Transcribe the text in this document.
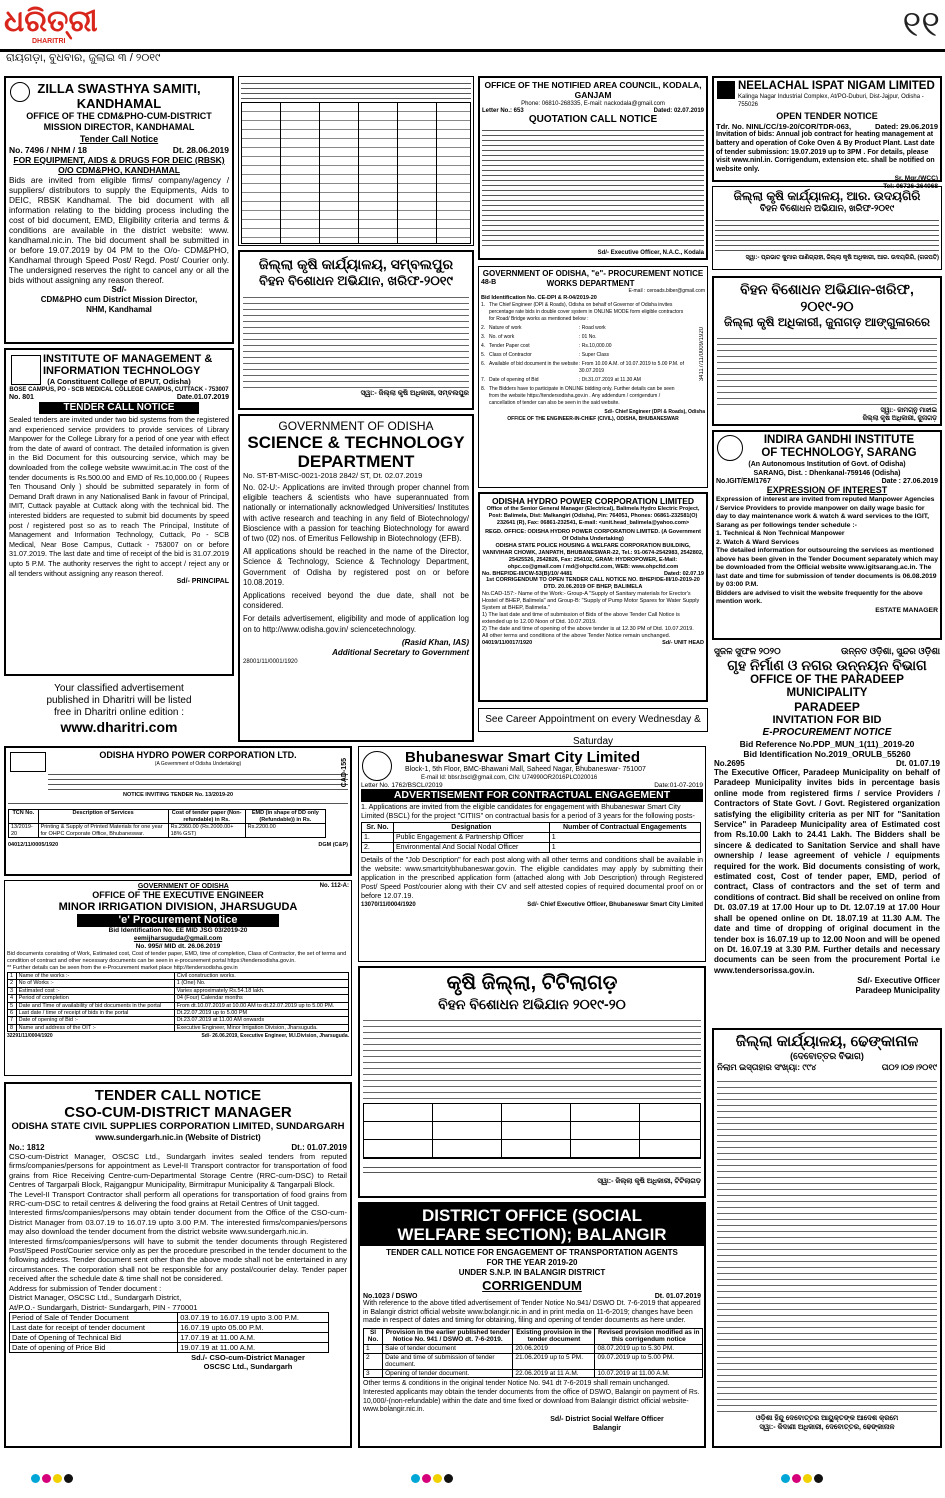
ଧରିତ୍ରୀ
DHARITRI
ରାୟଗଡ଼ା, ବୁଧବାର, ଜୁଲାଇ ୩ / ୨୦୧୯
୧୧

ZILLA SWASTHYA SAMITI,

KANDHAMAL

OFFICE OF THE CDM&PHO-CUM-DISTRICT

MISSION DIRECTOR, KANDHAMAL

Tender Call Notice

No. 7496 / NHM / 18	Dt. 28.06.2019

FOR EQUIPMENT, AIDS & DRUGS FOR DEIC (RBSK) O/O CDM&PHO, KANDHAMAL

Bids are invited from eligible firms/ company/agency / suppliers/ distributors to supply the Equipments, Aids to DEIC, RBSK Kandhamal. The bid document with all information relating to the bidding process including the cost of bid document, EMD, Eligibility criteria and terms & conditions are available in the district website: www. kandhamal.nic.in. The bid document shall be submitted in or before 19.07.2019 by 04 PM to the O/o- CDM&PHO, Kandhamal through Speed Post/ Regd. Post/ Courier only. The undersigned reserves the right to cancel any or all the bids without assigning any reason thereof.

Sd/-

CDM&PHO cum District Mission Director,

NHM, Kandhamal

INSTITUTE OF MANAGEMENT &

INFORMATION TECHNOLOGY

(A Constituent College of BPUT, Odisha)

BOSE CAMPUS, PO - SCB MEDICAL COLLEGE CAMPUS, CUTTACK - 753007

No. 801	Date.01.07.2019

TENDER CALL NOTICE

Sealed tenders are invited under two bid systems from the registered and experienced service providers to provide services of Library Manpower for the College Library for a period of one year with effect from the date of award of contract. The detailed information is given in the Bid Document for this outsourcing service, which may be downloaded from the college website www.imit.ac.in The cost of the tender documents is Rs.500.00 and EMD of Rs.10,000.00 ( Rupees Ten Thousand Only ) should be submitted separately in form of Demand Draft drawn in any Nationalised Bank in favour of Principal, IMIT, Cuttack payable at Cuttack along with the technical bid. The interested bidders are requested to submit bid documents by speed post / registered post so as to reach The Principal, Institute of Management and Information Technology, Cuttack, Po - SCB Medical, Near Bose Campus, Cuttack - 753007 on or before 31.07.2019. The last date and time of receipt of the bid is 31.07.2019 upto 5 P.M. The authority reserves the right to accept / reject any or all tenders without assigning any reason thereof.

Sd/- PRINCIPAL

Your classified advertisement

published in Dharitri will be listed

free in Dharitri online edition :

www.dharitri.com

ଜିଲ୍ଲା କୃଷି କାର୍ଯ୍ୟାଳୟ, ସମ୍ବଲପୁର

ବିହନ ବିଶୋଧନ ଅଭିଯାନ, ଖରିଫ-୨୦୧୯

ସ୍ୱା:- ଜିଲ୍ଲା କୃଷି ଅଧିକାରୀ, ସମ୍ବଲପୁର

GOVERNMENT OF ODISHA

SCIENCE & TECHNOLOGY

DEPARTMENT

No. ST-BT-MISC-0021-2018 2842/ ST, Dt. 02.07.2019

No. 02-U:- Applications are invited through proper channel from eligible teachers & scientists who have superannuated from nationally or internationally acknowledged Universities/ Institutes with active research and teaching in any field of Biotechnology/ Bioscience with a passion for teaching Biotechnology for award of two (02) nos. of Emeritus Fellowship in Biotechnology (EFB).

All applications should be reached in the name of the Director, Science & Technology, Science & Technology Department, Government of Odisha by registered post on or before 10.08.2019.

Applications received beyond the due date, shall not be considered.

For details advertisement, eligibility and mode of application log on to http://www.odisha.gov.in/ sciencetechnology.

(Rasid Khan, IAS)

Additional Secretary to Government

28001/11/0001/1920

OFFICE OF THE NOTIFIED AREA COUNCIL, KODALA, GANJAM

Phone: 06810-268335, E-mail: nackodala@gmail.com

Letter No.: 653	Dated: 02.07.2019

QUOTATION CALL NOTICE

Sd/- Executive Officer, N.A.C., Kodala

NEELACHAL ISPAT NIGAM LIMITED

Kalinga Nagar Industrial Complex, At/PO-Duburi, Dist-Jajpur, Odisha - 755026

OPEN TENDER NOTICE

Tdr. No. NINL/CC/19-20/COR/TDR-063,	Dated: 29.06.2019

Invitation of bids: Annual job contract for heating management at battery and operation of Coke Oven & By Product Plant. Last date of tender submission: 19.07.2019 up to 3PM . For details, please visit www.ninl.in. Corrigendum, extension etc. shall be notified on website only.

Sr. Mgr.(WCC)

Tel: 06726-264068

ଜିଲ୍ଲା କୃଷି କାର୍ଯ୍ୟାଳୟ, ଆର. ଉଦୟଗିରି

ବିହନ ବିଶୋଧନ ଅଭିଯାନ, ଖରିଫ-୨୦୧୯

ସ୍ୱା:- ପ୍ରଭାତ କୁମାର ପାଣିଗ୍ରାହୀ, ଜିଲ୍ଲା କୃଷି ଅଧିକାରୀ, ଆର. ଉଦୟଗିରି, (ଗଜପତି)

GOVERNMENT OF ODISHA, "e"- PROCUREMENT NOTICE

48-B	WORKS DEPARTMENT

E-mail : ceroads.biber@gmail.com

Bid Identification No. CE-DPI & R-04/2019-20

1. The Chief Engineer (DPI & Roads), Odisha on behalf of Governor of Odisha invites percentage rate bids in double cover system in ONLINE MODE form eligible contractors for Road/ Bridge works as mentioned below :
2. Nature of work	: Road work
3. No. of work	: 01 No.
4. Tender Paper cost	: Rs.10,000.00
5. Class of Contractor	: Super Class
6. Available of bid document in the website : From 10.00 A.M. of 10.07.2019 to 5.00 P.M. of 30.07.2019
7. Date of opening of Bid	: Dt.31.07.2019 at 11.30 AM
8. The Bidders have to participate in ONLINE bidding only. Further details can be seen from the website https://tendersodisha.gov.in . Any addendum / corrigendum / cancellation of tender can also be seen in the said website.

Sd/- Chief Engineer (DPI & Roads), Odisha

OFFICE OF THE ENGINEER-IN-CHIEF (CIVIL), ODISHA, BHUBANESWAR

34117/11/0009/1920

ବିହନ ବିଶୋଧନ ଅଭିଯାନ-ଖରିଫ, ୨୦୧୯-୨୦

ଜିଲ୍ଲା କୃଷି ଅଧିକାରୀ, ଜୁନାଗଡ଼ ଆଙ୍ଗୁଳାରରେ

ସ୍ୱା:- ଜାମଗ୍ନୁ ମାଝୀଇ

ଜିଲ୍ଲା କୃଷି ଅଧିକାରୀ, ଜୁନାଗଡ଼

ODISHA HYDRO POWER CORPORATION LIMITED

Office of the Senior General Manager (Electrical), Balimela Hydro Electric Project, Post: Balimela, Dist: Malkangiri (Odisha), Pin: 764051, Phones: 06861-232581(O) 232641 (R), Fax: 06861-232541, E-mail: <unit.head_balimela@yahoo.com>

REGD. OFFICE: ODISHA HYDRO POWER CORPORATION LIMITED. (A Government Of Odisha Undertaking)

ODISHA STATE POLICE HOUSING & WELFARE CORPORATION BUILDING, VANIVIHAR CHOWK, JANPATH, BHUBANESWAR-22, Tel.: 91-0674-2542983, 2542802, 25425526, 2542826, Fax: 254102, GRAM: HYDROPOWER, E-Mail: ohpc.co@gmail.com / md@ohpcltd.com, WEB: www.ohpcltd.com

No. BHEP/DE-III/CW-53(B)/10/ 4481	Dated: 02.07.19

1st CORRIGENDUM TO OPEN TENDER CALL NOTICE NO. BHEP/DE-III/10-2019-20 DTD. 20.06.2019 OF BHEP, BALIMELA

No.CAD-157:- Name of the Work:- Group-A "Supply of Sanitary materials for Erector's Hostel of BHEP, Balimela" and Group-B: "Supply of Pump Motor Spares for Water Supply System at BHEP, Balimela."

1) The last date and time of submission of Bids of the above Tender Call Notice is extended up to 12.00 Noon of Dtd. 10.07.2019.

2) The date and time of opening of the above tender is at 12.30 PM of Dtd. 10.07.2019.

All other terms and conditions of the above Tender Notice remain unchanged.

04019/11/0017/1920	Sd/- UNIT HEAD
See Career Appointment on every Wednesday & Saturday

INDIRA GANDHI INSTITUTE

OF TECHNOLOGY, SARANG

(An Autonomous Institution of Govt. of Odisha)

SARANG, Dist. : Dhenkanal-759146 (Odisha)

No.IGIT/EM/1767	Date : 27.06.2019

EXPRESSION OF INTEREST

Expression of interest are invited from reputed Manpower Agencies / Service Providers to provide manpower on daily wage basic for day to day maintenance work & watch & ward services to the IGIT, Sarang as per followings tender schedule :-

1. Technical & Non Technical Manpower

2. Watch & Ward Services

The detailed information for outsourcing the services as mentioned above has been given in the Tender Document separately which may be downloaded from the Official website www.igitsarang.ac.in. The last date and time for submission of tender documents is 06.08.2019 by 03:00 P.M.

Bidders are advised to visit the website frequently for the above mention work.

ESTATE MANAGER

ସୁଜଳ ସୁଫଳ ୨୦୨୦	ଉନ୍ନତ ଓଡ଼ିଶା, ସୁନ୍ଦର ଓଡ଼ିଶା

ଗୃହ ନିର୍ମାଣ ଓ ନଗର ଉନ୍ନୟନ ବିଭାଗ

OFFICE OF THE PARADEEP MUNICIPALITY

PARADEEP

INVITATION FOR BID

E-PROCUREMENT NOTICE

Bid Reference No.PDP_MUN_1(11)_2019-20

Bid Identification No.2019_ORULB_55260

No.2695	Dt. 01.07.19

The Executive Officer, Paradeep Municipality on behalf of Paradeep Municipality invites bids in percentage basis online mode from registered firms / service Providers / Contractors of State Govt. / Govt. Registered organization satisfying the eligibility criteria as per NIT for "Sanitation Service" in Paradeep Municipality area of Estimated cost from Rs.10.00 Lakh to 24.41 Lakh. The Bidders shall be sincere & dedicated to Sanitation Service and shall have ownership / lease agreement of vehicle / equipments required for the work. Bid documents consisting of work, estimated cost, Cost of tender paper, EMD, period of contract, Class of contractors and the set of term and conditions of contract. Bid shall be received on online from Dt. 03.07.19 at 17.00 Hour up to Dt. 12.07.19 at 17.00 Hour shall be opened online on Dt. 18.07.19 at 11.30 A.M. The date and time of dropping of original document in the tender box is 16.07.19 up to 12.00 Noon and will be opened on Dt. 16.07.19 at 3.30 P.M. Further details and necessary documents can be seen from the procurement Portal i.e www.tendersorissa.gov.in.

Sd/- Executive Officer

Paradeep Municipality

ODISHA HYDRO POWER CORPORATION LTD.

(A Government of Odisha Undertaking)

NOTICE INVITING TENDER No. 13/2019-20

TCN No.	Description of Services	Cost of tender paper (Non-refundable) in Rs.	EMD (in shape of DD only (Refundable)) in Rs.
13/2019-20	Printing & Supply of Printed Materials for one year for OHPC Corporate Office, Bhubaneswar.	Rs.2360.00 (Rs.2000.00+ 18% GST)	Rs.2200.00
04012/11/0005/1920	DGM (C&P)
CAD-155
GOVERNMENT OF ODISHA	No. 112-A:

OFFICE OF THE EXECUTIVE ENGINEER

MINOR IRRIGATION DIVISION, JHARSUGUDA

'e' Procurement Notice

Bid Identification No. EE MID JSG 03/2019-20

eemijharsuguda@gmail.com

No. 995// MID dt. 26.06.2019

Bid documents consisting of Work, Estimated cost, Cost of tender paper, EMD, time of completion, Class of Contractor, the set of terms and condition of contract and other necessary documents can be seen in e-procurement portal https://tendersodisha.gov.in.

** Further details can be seen from the e-Procurement market place http://tendersodisha.gov.in

1	Name of the works :-	Civil construction works.
2	No of Works :-	1 (One) No.
3	Estimated cost :-	Varies approximately Rs.54.18 lakh.
4	Period of completion	04 (Four) Calendar months
5	Date and Time of availability of bid documents in the portal	From dt.10.07.2019 at 10.00 AM to dt.22.07.2019 up to 5.00 PM.
6	Last date / time of receipt of bids in the portal	Dt.22.07.2019 up to 5.00 PM
7	Date of opening of Bid :-	Dt.23.07.2019 at 11.00 AM onwards
8	Name and address of the OIT :-	Executive Engineer, Minor Irrigation Division, Jharsuguda.
32291/11/0004/1920	Sd/- 26.06.2019, Executive Engineer, M.I.Division, Jharsuguda.

TENDER CALL NOTICE

CSO-CUM-DISTRICT MANAGER

ODISHA STATE CIVIL SUPPLIES CORPORATION LIMITED, SUNDARGARH

www.sundergarh.nic.in (Website of District)

No.: 1812	Dt.: 01.07.2019

CSO-cum-District Manager, OSCSC Ltd., Sundargarh invites sealed tenders from reputed firms/companies/persons for appointment as Level-II Transport contractor for transportation of food grains from Rice Receiving Centre-cum-Departmental Storage Centre (RRC-cum-DSC) to Retail Centres of Targarpali Block, Rajgangpur Municipality, Birmitrapur Municipality & Tangarpali Block.
The Level-II Transport Contractor shall perform all operations for transportation of food grains from RRC-cum-DSC to retail centres & delivering the food grains at Retail Centres of Unit tagged.
Interested firms/companies/persons may obtain tender document from the Office of the CSO-cum-District Manager from 03.07.19 to 16.07.19 upto 3.00 P.M. The interested firms/companies/persons may also download the tender document from the district website www.sundergarh.nic.in.
Interested firms/companies/persons will have to submit the tender documents through Registered Post/Speed Post/Courier service only as per the procedure prescribed in the tender document to the following address. Tender document sent other than the above mode shall not be entertained in any circumstances. The corporation shall not be responsible for any postal/courier delay. Tender paper received after the schedule date & time shall not be considered.

Address for submission of Tender document :

District Manager, OSCSC Ltd., Sundargarh District,

At/P.O.- Sundargarh, District- Sundargarh, PIN - 770001

Period of Sale of Tender Document	03.07.19 to 16.07.19 upto 3.00 P.M.
Last date for receipt of tender document	16.07.19 upto 05.00 P.M.
Date of Opening of Technical Bid	17.07.19 at 11.00 A.M.
Date of opening of Price Bid	19.07.19 at 11.00 A.M.

Sd./- CSO-cum-District Manager

OSCSC Ltd., Sundargarh

Bhubaneswar Smart City Limited

Block-1, 5th Floor, BMC-Bhawani Mall, Saheed Nagar, Bhubaneswar- 751007

E-mail Id: bbsr.bscl@gmail.com, CIN: U74990OR2016PLC020016

Letter No. 1762/BSCL//2019	Date:01-07-2019

ADVERTISEMENT FOR CONTRACTUAL ENGAGEMENT

1. Applications are invited from the eligible candidates for engagement with Bhubaneswar Smart City Limited (BSCL) for the project "CITIIS" on contractual basis for a period of 3 years for the following posts-

Sr. No.	Designation	Number of Contractual Engagements
1.	Public Engagement & Partnership Officer	1
2.	Environmental And Social Nodal Officer	1

Details of the "Job Description" for each post along with all other terms and conditions shall be available in the website: www.smartcitybhubaneswar.gov.in. The eligible candidates may apply by submitting their application in the prescribed application form (attached along with Job Description) through Registered Post/ Speed Post/courier along with their CV and self attested copies of required documental proof on or before 12.07.19.

13070/11/0004/1920	Sd/- Chief Executive Officer, Bhubaneswar Smart City Limited

କୃଷି ଜିଲ୍ଲା, ଟିଟିଲାଗଡ଼

ବିହନ ବିଶୋଧନ ଅଭିଯାନ ୨୦୧୯-୨୦

ସ୍ୱା:- ଜିଲ୍ଲା କୃଷି ଅଧିକାରୀ, ଟିଟିଲାଗଡ଼

DISTRICT OFFICE (SOCIAL

WELFARE SECTION); BALANGIR

TENDER CALL NOTICE FOR ENGAGEMENT OF TRANSPORTATION AGENTS

FOR THE YEAR 2019-20

UNDER S.N.P. IN BALANGIR DISTRICT

CORRIGENDUM

No.1023 / DSWO	Dt. 01.07.2019

With reference to the above titled advertisement of Tender Notice No.941/ DSWO Dt. 7-6-2019 that appeared in Balangir district official website www.bolangir.nic.in and in print media on 11-6-2019; changes have been made in respect of dates and timing for obtaining, filing and opening of tender documents as here under.

Sl No.	Provision in the earlier published tender Notice No. 941 / DSWO dt. 7-6-2019.	Existing provision in the tender document	Revised provision modified as in this corrigendum notice
1	Sale of tender document	20.06.2019	08.07.2019 up to 5.30 PM.
2	Date and time of submission of tender document.	21.06.2019 up to 5 PM.	09.07.2019 up to 5.00 PM.
3	Opening of tender document.	22.06.2019 at 11 A.M.	10.07.2019 at 11.00 A.M.

Other terms & conditions in the original tender Notice No. 941 dt 7-6-2019 shall remain unchanged. Interested applicants may obtain the tender documents from the office of DSWO, Balangir on payment of Rs. 10,000/-(non-refundable) within the date and time fixed or download from Balangir district official website- www.bolangir.nic.in.

Sd/- District Social Welfare Officer

Balangir

ଜିଲ୍ଲା କାର୍ଯ୍ୟାଳୟ, ଢେଙ୍କାନାଳ

(ଦେବୋତ୍ତର ବିଭାଗ)

ନିଲାମ ଇସ୍ତାହାର ସଂଖ୍ୟା: ୯୯୪	ତା୦୨।୦୭।୨୦୧୯

ଓଡ଼ିଶା ହିନ୍ଦୁ ଦେବୋତ୍ତର ଆୟୁକ୍ତଙ୍କ ଆଦେଶ କ୍ରମେ

ସ୍ୱା:- କିଦାଣୀ ଅଧିକାରୀ, ଦେବୋତ୍ତର, ଢେଙ୍କାନାଳ
